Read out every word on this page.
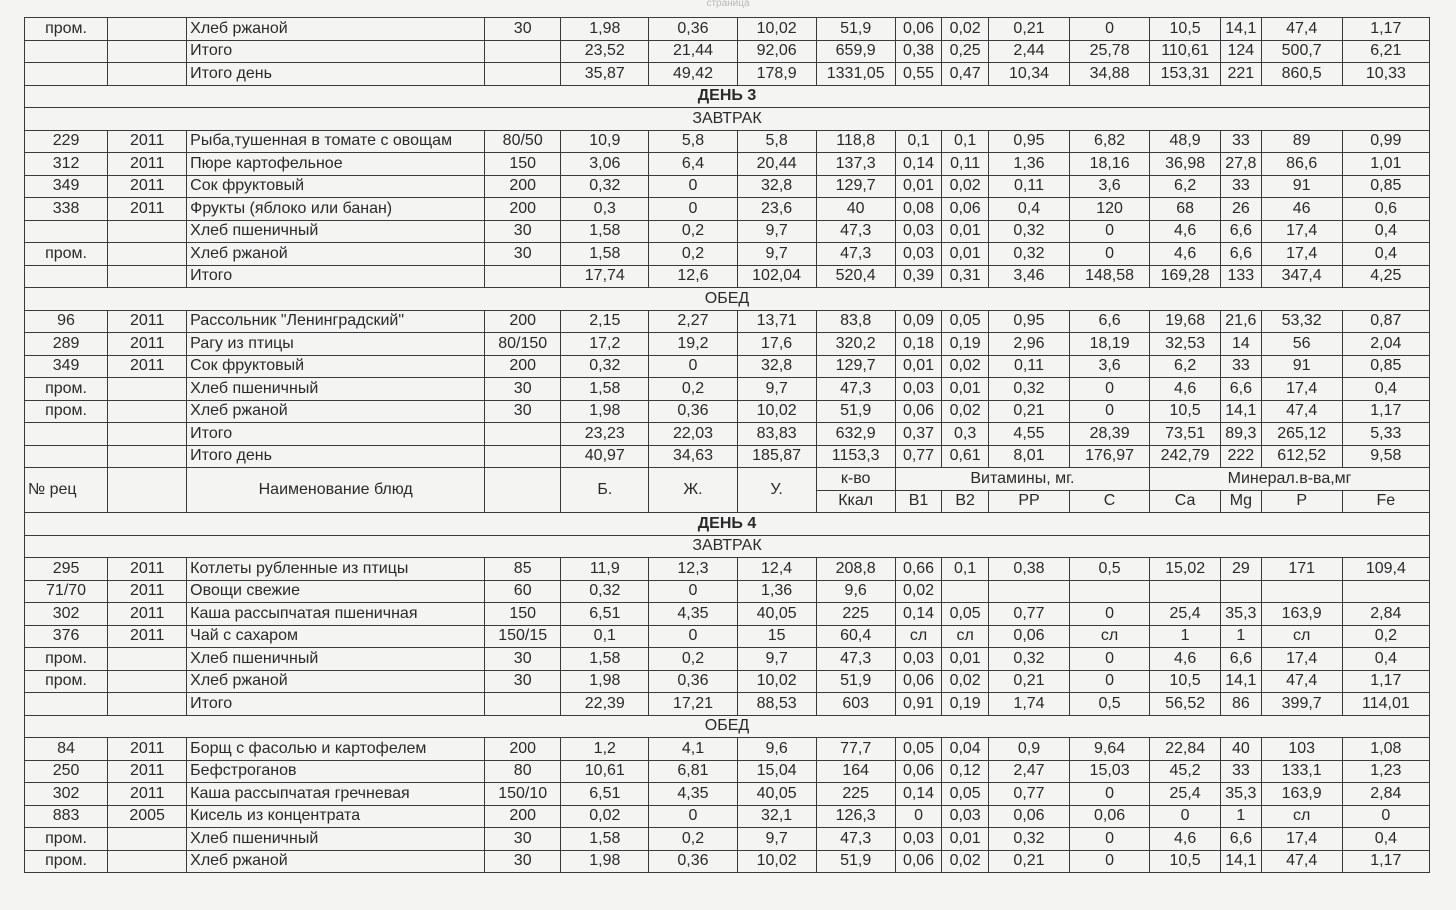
страница
пром.		Хлеб ржаной	30	1,98	0,36	10,02	51,9	0,06	0,02	0,21	0	10,5	14,1	47,4	1,17
		Итого		23,52	21,44	92,06	659,9	0,38	0,25	2,44	25,78	110,61	124	500,7	6,21
		Итого день		35,87	49,42	178,9	1331,05	0,55	0,47	10,34	34,88	153,31	221	860,5	10,33
ДЕНЬ 3															
ЗАВТРАК															
229	2011	Рыба,тушенная в томате с овощам	80/50	10,9	5,8	5,8	118,8	0,1	0,1	0,95	6,82	48,9	33	89	0,99
312	2011	Пюре картофельное	150	3,06	6,4	20,44	137,3	0,14	0,11	1,36	18,16	36,98	27,8	86,6	1,01
349	2011	Сок фруктовый	200	0,32	0	32,8	129,7	0,01	0,02	0,11	3,6	6,2	33	91	0,85
338	2011	Фрукты (яблоко или банан)	200	0,3	0	23,6	40	0,08	0,06	0,4	120	68	26	46	0,6
		Хлеб пшеничный	30	1,58	0,2	9,7	47,3	0,03	0,01	0,32	0	4,6	6,6	17,4	0,4
пром.		Хлеб ржаной	30	1,58	0,2	9,7	47,3	0,03	0,01	0,32	0	4,6	6,6	17,4	0,4
		Итого		17,74	12,6	102,04	520,4	0,39	0,31	3,46	148,58	169,28	133	347,4	4,25
ОБЕД															
96	2011	Рассольник "Ленинградский"	200	2,15	2,27	13,71	83,8	0,09	0,05	0,95	6,6	19,68	21,6	53,32	0,87
289	2011	Рагу из птицы	80/150	17,2	19,2	17,6	320,2	0,18	0,19	2,96	18,19	32,53	14	56	2,04
349	2011	Сок фруктовый	200	0,32	0	32,8	129,7	0,01	0,02	0,11	3,6	6,2	33	91	0,85
пром.		Хлеб пшеничный	30	1,58	0,2	9,7	47,3	0,03	0,01	0,32	0	4,6	6,6	17,4	0,4
пром.		Хлеб ржаной	30	1,98	0,36	10,02	51,9	0,06	0,02	0,21	0	10,5	14,1	47,4	1,17
		Итого		23,23	22,03	83,83	632,9	0,37	0,3	4,55	28,39	73,51	89,3	265,12	5,33
		Итого день		40,97	34,63	185,87	1153,3	0,77	0,61	8,01	176,97	242,79	222	612,52	9,58
№ рец		Наименование блюд		Б.	Ж.	У.	к-во	Витамины, мг.				Минерал.в-ва,мг			
							Ккал	В1	В2	РР	С	Са	Мg	Р	Fe
ДЕНЬ 4															
ЗАВТРАК															
295	2011	Котлеты рубленные из птицы	85	11,9	12,3	12,4	208,8	0,66	0,1	0,38	0,5	15,02	29	171	109,4
71/70	2011	Овощи свежие	60	0,32	0	1,36	9,6	0,02							
302	2011	Каша рассыпчатая пшеничная	150	6,51	4,35	40,05	225	0,14	0,05	0,77	0	25,4	35,3	163,9	2,84
376	2011	Чай с сахаром	150/15	0,1	0	15	60,4	сл	сл	0,06	сл	1	1	сл	0,2
пром.		Хлеб пшеничный	30	1,58	0,2	9,7	47,3	0,03	0,01	0,32	0	4,6	6,6	17,4	0,4
пром.		Хлеб ржаной	30	1,98	0,36	10,02	51,9	0,06	0,02	0,21	0	10,5	14,1	47,4	1,17
		Итого		22,39	17,21	88,53	603	0,91	0,19	1,74	0,5	56,52	86	399,7	114,01
ОБЕД															
84	2011	Борщ с фасолью и картофелем	200	1,2	4,1	9,6	77,7	0,05	0,04	0,9	9,64	22,84	40	103	1,08
250	2011	Бефстроганов	80	10,61	6,81	15,04	164	0,06	0,12	2,47	15,03	45,2	33	133,1	1,23
302	2011	Каша рассыпчатая гречневая	150/10	6,51	4,35	40,05	225	0,14	0,05	0,77	0	25,4	35,3	163,9	2,84
883	2005	Кисель из концентрата	200	0,02	0	32,1	126,3	0	0,03	0,06	0,06	0	1	сл	0
пром.		Хлеб пшеничный	30	1,58	0,2	9,7	47,3	0,03	0,01	0,32	0	4,6	6,6	17,4	0,4
пром.		Хлеб ржаной	30	1,98	0,36	10,02	51,9	0,06	0,02	0,21	0	10,5	14,1	47,4	1,17
